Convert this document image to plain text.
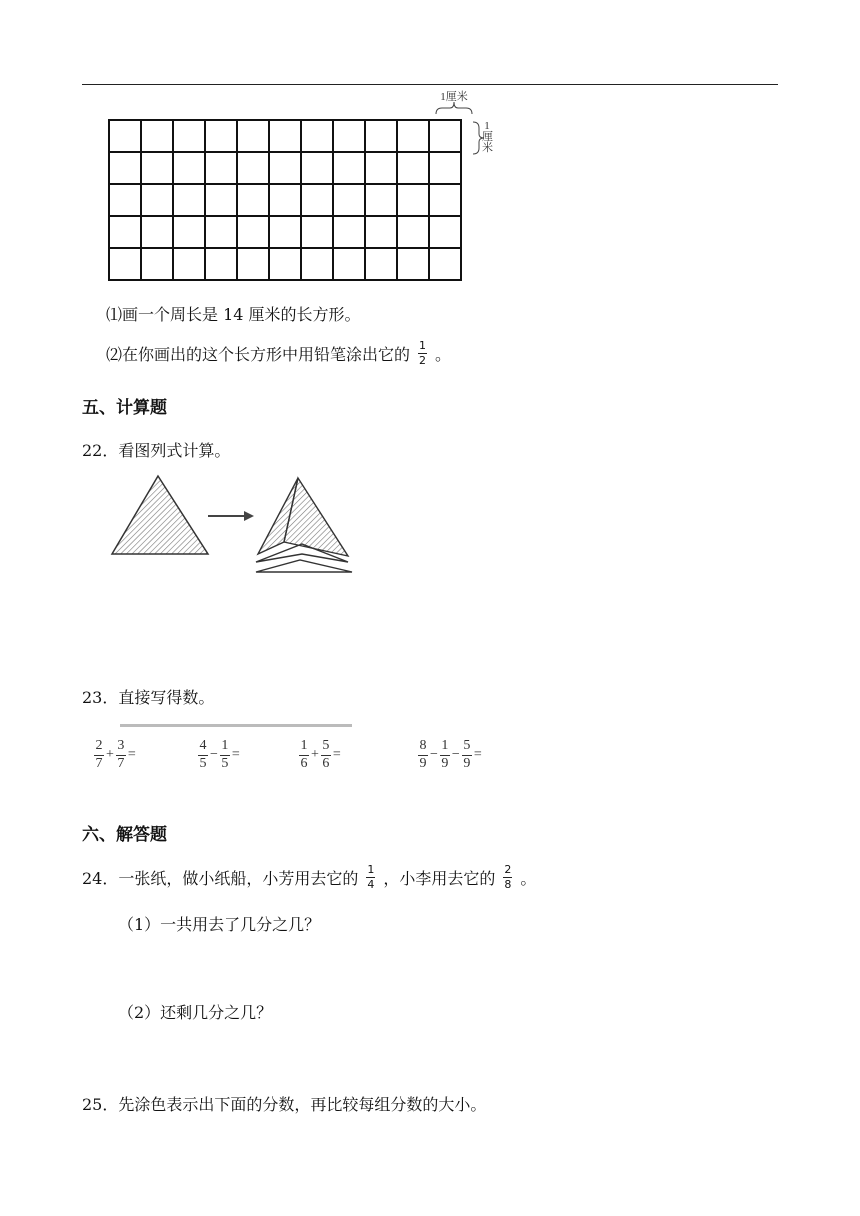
1厘米
1
厘
米
⑴画一个周长是 14 厘米的长方形。
⑵在你画出的这个长方形中用铅笔涂出它的 $\frac{1}{2}$ 。
五、计算题
22．看图列式计算。
23．直接写得数。
2
7
+
3
7
=
4
5
−
1
5
=
1
6
+
5
6
=
8
9
−
1
9
−
5
9
=
六、解答题
24．一张纸，做小纸船，小芳用去它的 $\frac{1}{4}$ ，小李用去它的 $\frac{2}{8}$ 。
（1）一共用去了几分之几？
（2）还剩几分之几？
25．先涂色表示出下面的分数，再比较每组分数的大小。
